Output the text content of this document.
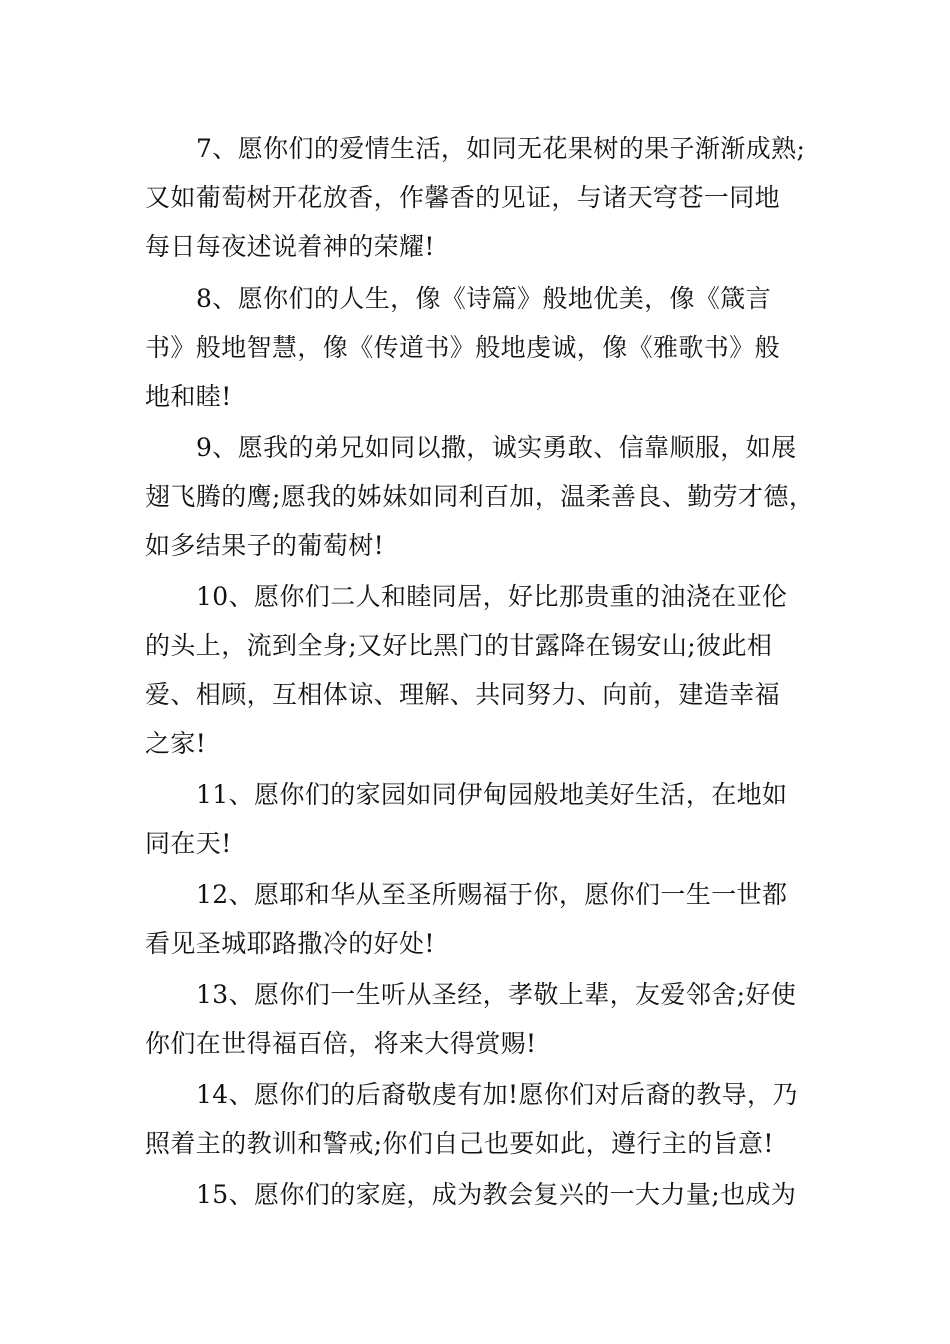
7、愿你们的爱情生活，如同无花果树的果子渐渐成熟;

又如葡萄树开花放香，作馨香的见证，与诸天穹苍一同地

每日每夜述说着神的荣耀!

8、愿你们的人生，像《诗篇》般地优美，像《箴言

书》般地智慧，像《传道书》般地虔诚，像《雅歌书》般

地和睦!

9、愿我的弟兄如同以撒，诚实勇敢、信靠顺服，如展

翅飞腾的鹰;愿我的姊妹如同利百加，温柔善良、勤劳才德，

如多结果子的葡萄树!

10、愿你们二人和睦同居，好比那贵重的油浇在亚伦

的头上，流到全身;又好比黑门的甘露降在锡安山;彼此相

爱、相顾，互相体谅、理解、共同努力、向前，建造幸福

之家!

11、愿你们的家园如同伊甸园般地美好生活，在地如

同在天!

12、愿耶和华从至圣所赐福于你，愿你们一生一世都

看见圣城耶路撒冷的好处!

13、愿你们一生听从圣经，孝敬上辈，友爱邻舍;好使

你们在世得福百倍，将来大得赏赐!

14、愿你们的后裔敬虔有加!愿你们对后裔的教导，乃

照着主的教训和警戒;你们自己也要如此，遵行主的旨意!

15、愿你们的家庭，成为教会复兴的一大力量;也成为
